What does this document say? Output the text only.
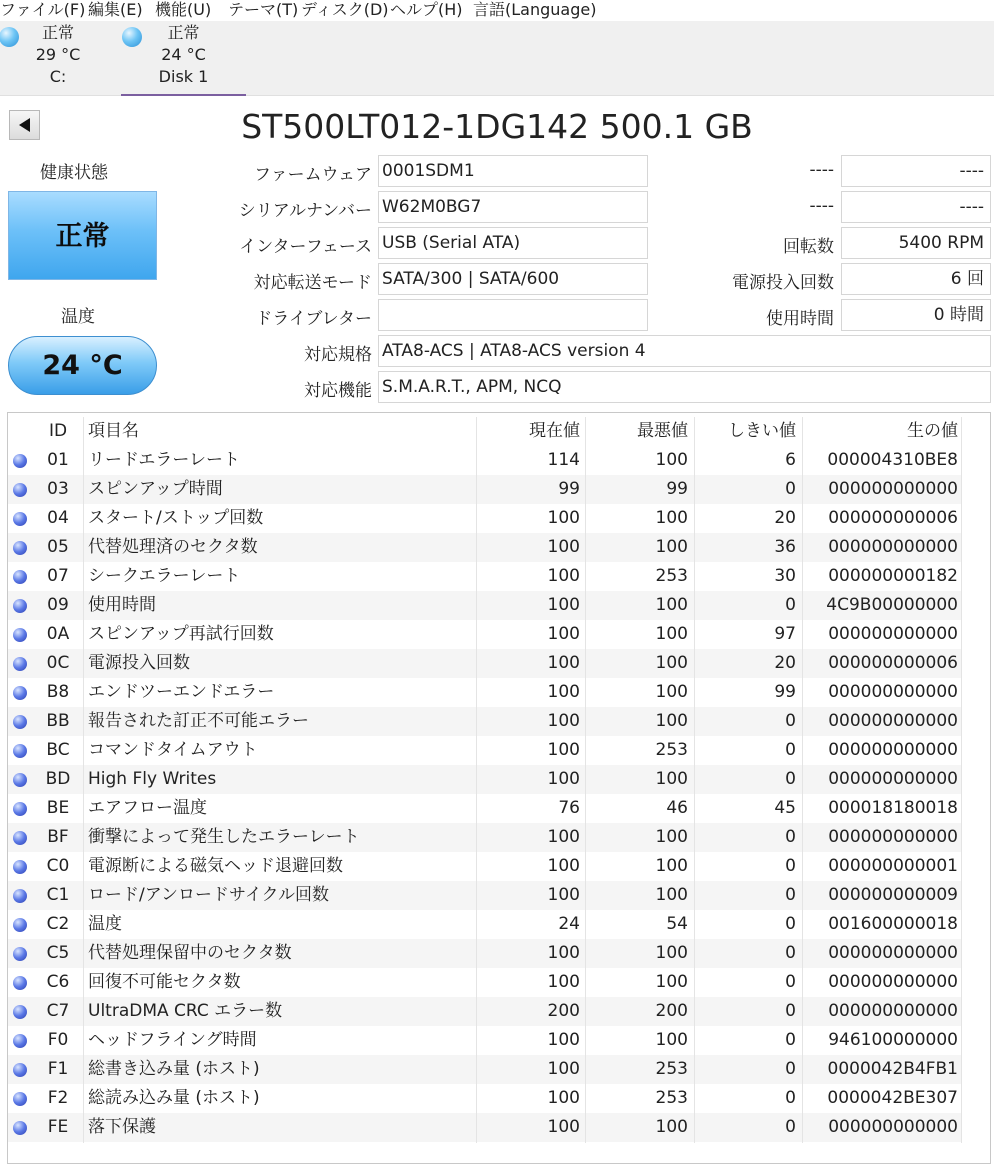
ファイル(F) 編集(E) 機能(U) テーマ(T) ディスク(D) ヘルプ(H) 言語(Language)
正常
29 °C
C:
正常
24 °C
Disk 1
ST500LT012-1DG142 500.1 GB
健康状態
正常
温度
24 °C
ファームウェア 0001SDM1
シリアルナンバー W62M0BG7
インターフェース USB (Serial ATA)
対応転送モード SATA/300 | SATA/600
ドライブレター
----	----
----	----
回転数	5400 RPM
電源投入回数	6 回
使用時間	0 時間
対応規格 ATA8-ACS | ATA8-ACS version 4
対応機能 S.M.A.R.T., APM, NCQ
ID	項目名	現在値	最悪値	しきい値	生の値
01	リードエラーレート	114	100	6	000004310BE8
03	スピンアップ時間	99	99	0	000000000000
04	スタート/ストップ回数	100	100	20	000000000006
05	代替処理済のセクタ数	100	100	36	000000000000
07	シークエラーレート	100	253	30	000000000182
09	使用時間	100	100	0	4C9B00000000
0A	スピンアップ再試行回数	100	100	97	000000000000
0C	電源投入回数	100	100	20	000000000006
B8	エンドツーエンドエラー	100	100	99	000000000000
BB	報告された訂正不可能エラー	100	100	0	000000000000
BC	コマンドタイムアウト	100	253	0	000000000000
BD	High Fly Writes	100	100	0	000000000000
BE	エアフロー温度	76	46	45	000018180018
BF	衝撃によって発生したエラーレート	100	100	0	000000000000
C0	電源断による磁気ヘッド退避回数	100	100	0	000000000001
C1	ロード/アンロードサイクル回数	100	100	0	000000000009
C2	温度	24	54	0	001600000018
C5	代替処理保留中のセクタ数	100	100	0	000000000000
C6	回復不可能セクタ数	100	100	0	000000000000
C7	UltraDMA CRC エラー数	200	200	0	000000000000
F0	ヘッドフライング時間	100	100	0	946100000000
F1	総書き込み量 (ホスト)	100	253	0	0000042B4FB1
F2	総読み込み量 (ホスト)	100	253	0	0000042BE307
FE	落下保護	100	100	0	000000000000
